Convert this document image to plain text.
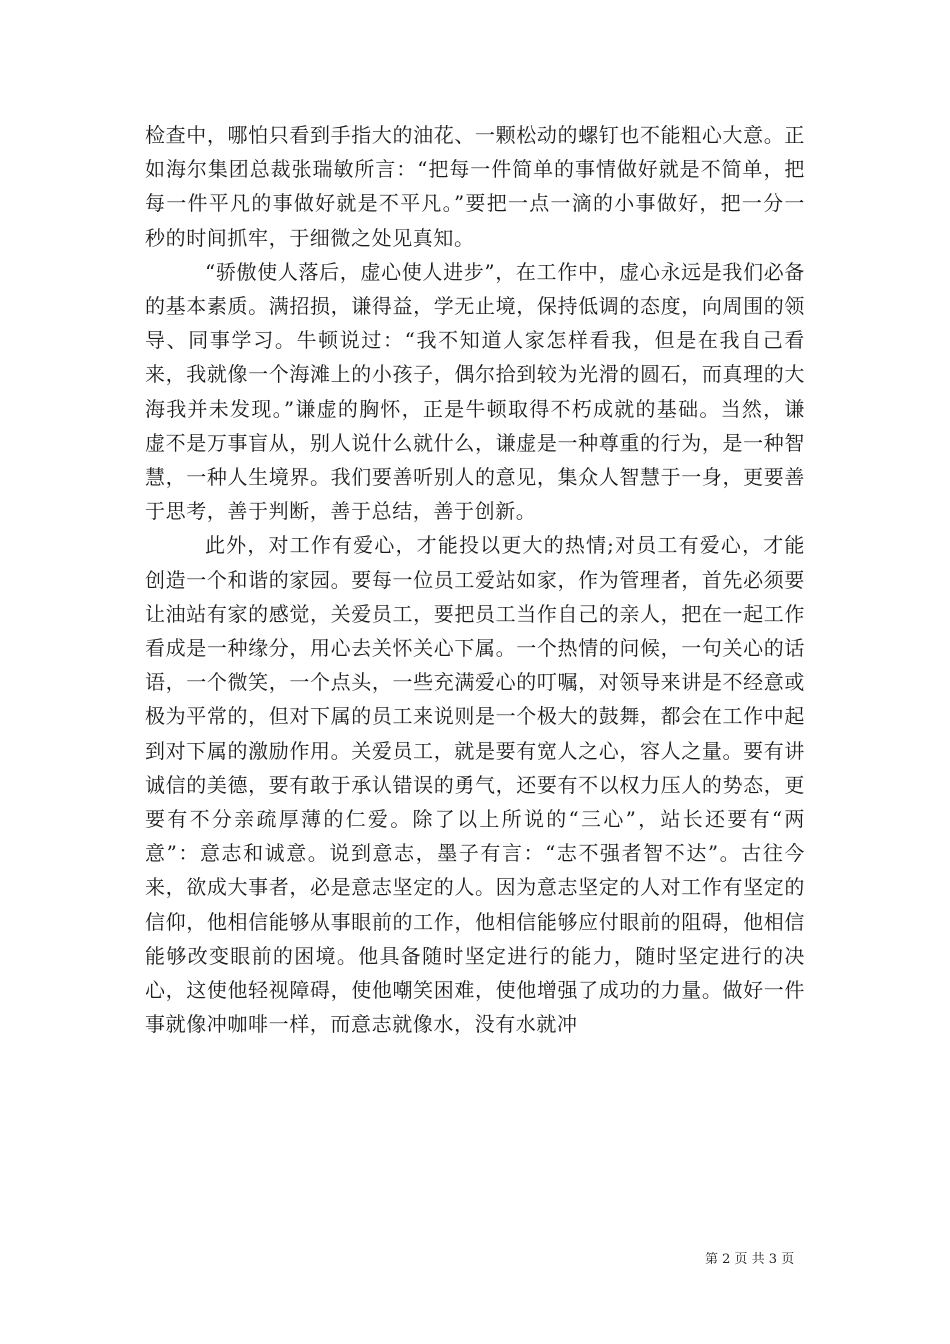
检查中，哪怕只看到手指大的油花、一颗松动的螺钉也不能粗心大意。正如海尔集团总裁张瑞敏所言：“把每一件简单的事情做好就是不简单，把每一件平凡的事做好就是不平凡。”要把一点一滴的小事做好，把一分一秒的时间抓牢，于细微之处见真知。

“骄傲使人落后，虚心使人进步”，在工作中，虚心永远是我们必备的基本素质。满招损，谦得益，学无止境，保持低调的态度，向周围的领导、同事学习。牛顿说过：“我不知道人家怎样看我，但是在我自己看来，我就像一个海滩上的小孩子，偶尔拾到较为光滑的圆石，而真理的大海我并未发现。”谦虚的胸怀，正是牛顿取得不朽成就的基础。当然，谦虚不是万事盲从，别人说什么就什么，谦虚是一种尊重的行为，是一种智慧，一种人生境界。我们要善听别人的意见，集众人智慧于一身，更要善于思考，善于判断，善于总结，善于创新。

此外，对工作有爱心，才能投以更大的热情;对员工有爱心，才能创造一个和谐的家园。要每一位员工爱站如家，作为管理者，首先必须要让油站有家的感觉，关爱员工，要把员工当作自己的亲人，把在一起工作看成是一种缘分，用心去关怀关心下属。一个热情的问候，一句关心的话语，一个微笑，一个点头，一些充满爱心的叮嘱，对领导来讲是不经意或极为平常的，但对下属的员工来说则是一个极大的鼓舞，都会在工作中起到对下属的激励作用。关爱员工，就是要有宽人之心，容人之量。要有讲诚信的美德，要有敢于承认错误的勇气，还要有不以权力压人的势态，更要有不分亲疏厚薄的仁爱。除了以上所说的“三心”，站长还要有“两意”：意志和诚意。说到意志，墨子有言：“志不强者智不达”。古往今来，欲成大事者，必是意志坚定的人。因为意志坚定的人对工作有坚定的信仰，他相信能够从事眼前的工作，他相信能够应付眼前的阻碍，他相信能够改变眼前的困境。他具备随时坚定进行的能力，随时坚定进行的决心，这使他轻视障碍，使他嘲笑困难，使他增强了成功的力量。做好一件事就像冲咖啡一样，而意志就像水，没有水就冲

第 2 页 共 3 页
